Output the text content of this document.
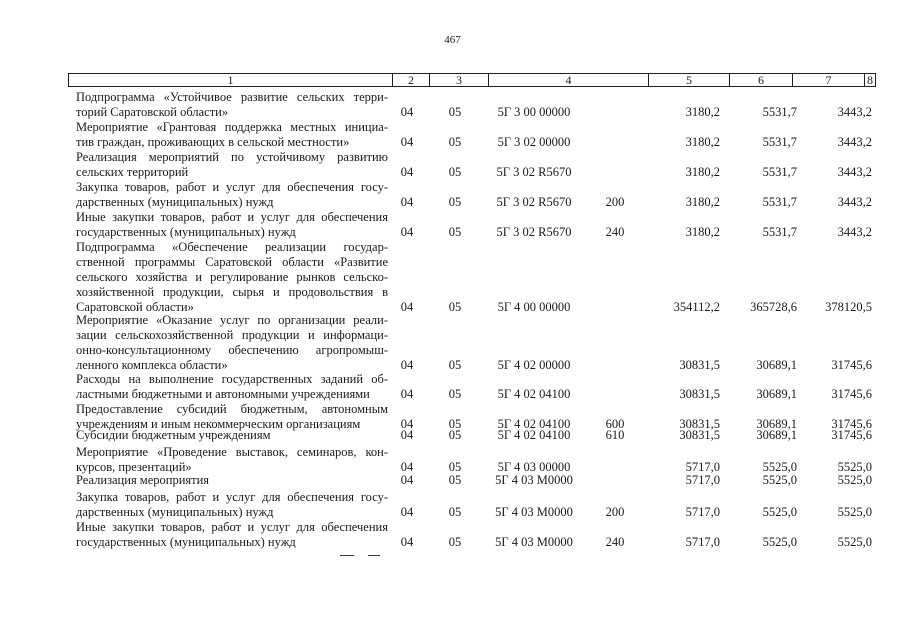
467
1	2	3	4	5	6	7	8
Подпрограмма «Устойчивое развитие сельских терри-
торий Саратовской области»	04	05	5Г 3 00 00000	3180,2	5531,7	3443,2
Мероприятие «Грантовая поддержка местных инициа-
тив граждан, проживающих в сельской местности»	04	05	5Г 3 02 00000	3180,2	5531,7	3443,2
Реализация мероприятий по устойчивому развитию
сельских территорий	04	05	5Г 3 02 R5670	3180,2	5531,7	3443,2
Закупка товаров, работ и услуг для обеспечения госу-
дарственных (муниципальных) нужд	04	05	5Г 3 02 R5670	200	3180,2	5531,7	3443,2
Иные закупки товаров, работ и услуг для обеспечения
государственных (муниципальных) нужд	04	05	5Г 3 02 R5670	240	3180,2	5531,7	3443,2
Подпрограмма «Обеспечение реализации государ-
ственной программы Саратовской области «Развитие
сельского хозяйства и регулирование рынков сельско-
хозяйственной продукции, сырья и продовольствия в
Саратовской области»	04	05	5Г 4 00 00000	354112,2	365728,6	378120,5
Мероприятие «Оказание услуг по организации реали-
зации сельскохозяйственной продукции и информаци-
онно-консультационному обеспечению агропромыш-
ленного комплекса области»	04	05	5Г 4 02 00000	30831,5	30689,1	31745,6
Расходы на выполнение государственных заданий об-
ластными бюджетными и автономными учреждениями	04	05	5Г 4 02 04100	30831,5	30689,1	31745,6
Предоставление субсидий бюджетным, автономным
учреждениям и иным некоммерческим организациям	04	05	5Г 4 02 04100	600	30831,5	30689,1	31745,6
Субсидии бюджетным учреждениям	04	05	5Г 4 02 04100	610	30831,5	30689,1	31745,6
Мероприятие «Проведение выставок, семинаров, кон-
курсов, презентаций»	04	05	5Г 4 03 00000	5717,0	5525,0	5525,0
Реализация мероприятия	04	05	5Г 4 03 М0000	5717,0	5525,0	5525,0
Закупка товаров, работ и услуг для обеспечения госу-
дарственных (муниципальных) нужд	04	05	5Г 4 03 М0000	200	5717,0	5525,0	5525,0
Иные закупки товаров, работ и услуг для обеспечения
государственных (муниципальных) нужд	04	05	5Г 4 03 М0000	240	5717,0	5525,0	5525,0
